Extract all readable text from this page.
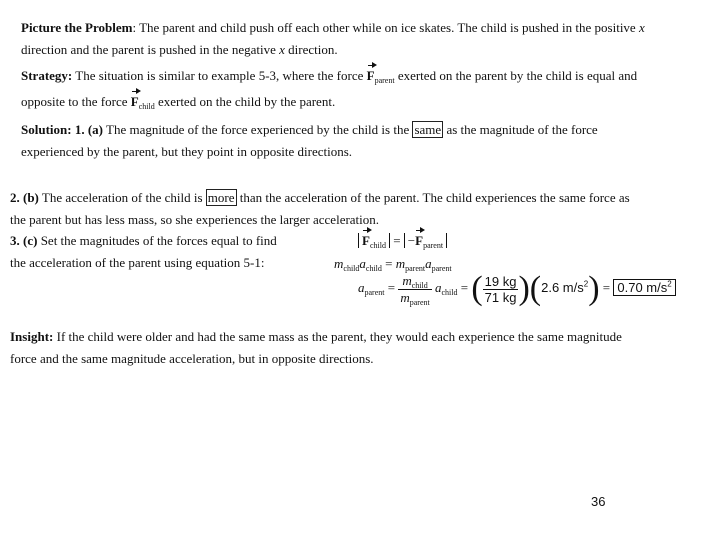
Picture the Problem: The parent and child push off each other while on ice skates. The child is pushed in the positive x
direction and the parent is pushed in the negative x direction.
Strategy: The situation is similar to example 5-3, where the force $F_{parent}$ exerted on the parent by the child is equal and
opposite to the force $F_{child}$ exerted on the child by the parent.
Solution: 1. (a) The magnitude of the force experienced by the child is the same as the magnitude of the force
experienced by the parent, but they point in opposite directions.
2. (b) The acceleration of the child is more than the acceleration of the parent. The child experiences the same force as
the parent but has less mass, so she experiences the larger acceleration.
3. (c) Set the magnitudes of the forces equal to find
the acceleration of the parent using equation 5-1:
$F_{child} = -F_{parent}$
$m_{child}a_{child} = m_{parent}a_{parent}$
$a_{parent} = \frac{m_{child}}{m_{parent}} a_{child}$ = ( $\frac{19 kg}{71 kg} )(2.6$ $m/s^2) = 0.70$ $m/s^2$
Insight: If the child were older and had the same mass as the parent, they would each experience the same magnitude
force and the same magnitude acceleration, but in opposite directions.
36
